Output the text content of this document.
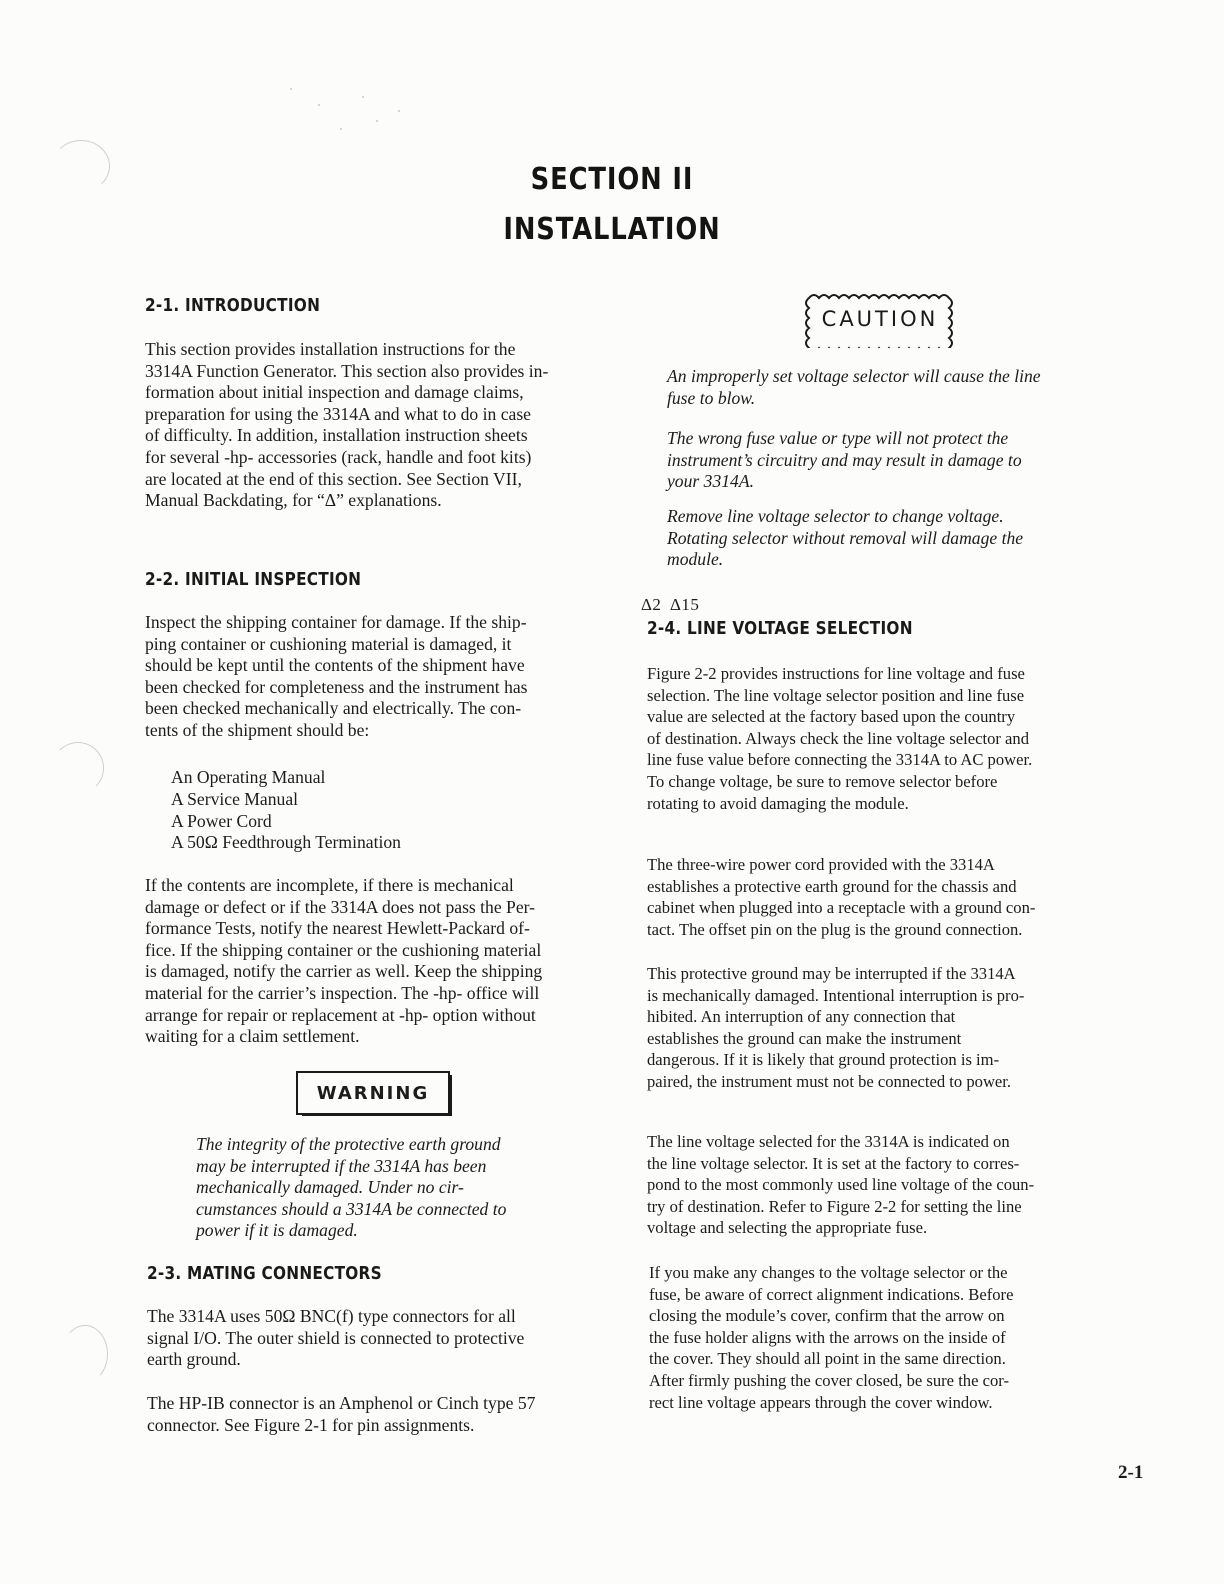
SECTION II
INSTALLATION
2-1. INTRODUCTION
This section provides installation instructions for the
3314A Function Generator. This section also provides in-
formation about initial inspection and damage claims,
preparation for using the 3314A and what to do in case
of difficulty. In addition, installation instruction sheets
for several -hp- accessories (rack, handle and foot kits)
are located at the end of this section. See Section VII,
Manual Backdating, for “Δ” explanations.
2-2. INITIAL INSPECTION
Inspect the shipping container for damage. If the ship-
ping container or cushioning material is damaged, it
should be kept until the contents of the shipment have
been checked for completeness and the instrument has
been checked mechanically and electrically. The con-
tents of the shipment should be:
An Operating Manual
A Service Manual
A Power Cord
A 50Ω Feedthrough Termination
If the contents are incomplete, if there is mechanical
damage or defect or if the 3314A does not pass the Per-
formance Tests, notify the nearest Hewlett-Packard of-
fice. If the shipping container or the cushioning material
is damaged, notify the carrier as well. Keep the shipping
material for the carrier’s inspection. The -hp- office will
arrange for repair or replacement at -hp- option without
waiting for a claim settlement.
WARNING
The integrity of the protective earth ground
may be interrupted if the 3314A has been
mechanically damaged. Under no cir-
cumstances should a 3314A be connected to
power if it is damaged.
2-3. MATING CONNECTORS
The 3314A uses 50Ω BNC(f) type connectors for all
signal I/O. The outer shield is connected to protective
earth ground.
The HP-IB connector is an Amphenol or Cinch type 57
connector. See Figure 2-1 for pin assignments.
CAUTION
An improperly set voltage selector will cause the line
fuse to blow.
The wrong fuse value or type will not protect the
instrument’s circuitry and may result in damage to
your 3314A.
Remove line voltage selector to change voltage.
Rotating selector without removal will damage the
module.
Δ2  Δ15
2-4. LINE VOLTAGE SELECTION
Figure 2-2 provides instructions for line voltage and fuse
selection. The line voltage selector position and line fuse
value are selected at the factory based upon the country
of destination. Always check the line voltage selector and
line fuse value before connecting the 3314A to AC power.
To change voltage, be sure to remove selector before
rotating to avoid damaging the module.
The three-wire power cord provided with the 3314A
establishes a protective earth ground for the chassis and
cabinet when plugged into a receptacle with a ground con-
tact. The offset pin on the plug is the ground connection.
This protective ground may be interrupted if the 3314A
is mechanically damaged. Intentional interruption is pro-
hibited. An interruption of any connection that
establishes the ground can make the instrument
dangerous. If it is likely that ground protection is im-
paired, the instrument must not be connected to power.
The line voltage selected for the 3314A is indicated on
the line voltage selector. It is set at the factory to corres-
pond to the most commonly used line voltage of the coun-
try of destination. Refer to Figure 2-2 for setting the line
voltage and selecting the appropriate fuse.
If you make any changes to the voltage selector or the
fuse, be aware of correct alignment indications. Before
closing the module’s cover, confirm that the arrow on
the fuse holder aligns with the arrows on the inside of
the cover. They should all point in the same direction.
After firmly pushing the cover closed, be sure the cor-
rect line voltage appears through the cover window.
2-1
